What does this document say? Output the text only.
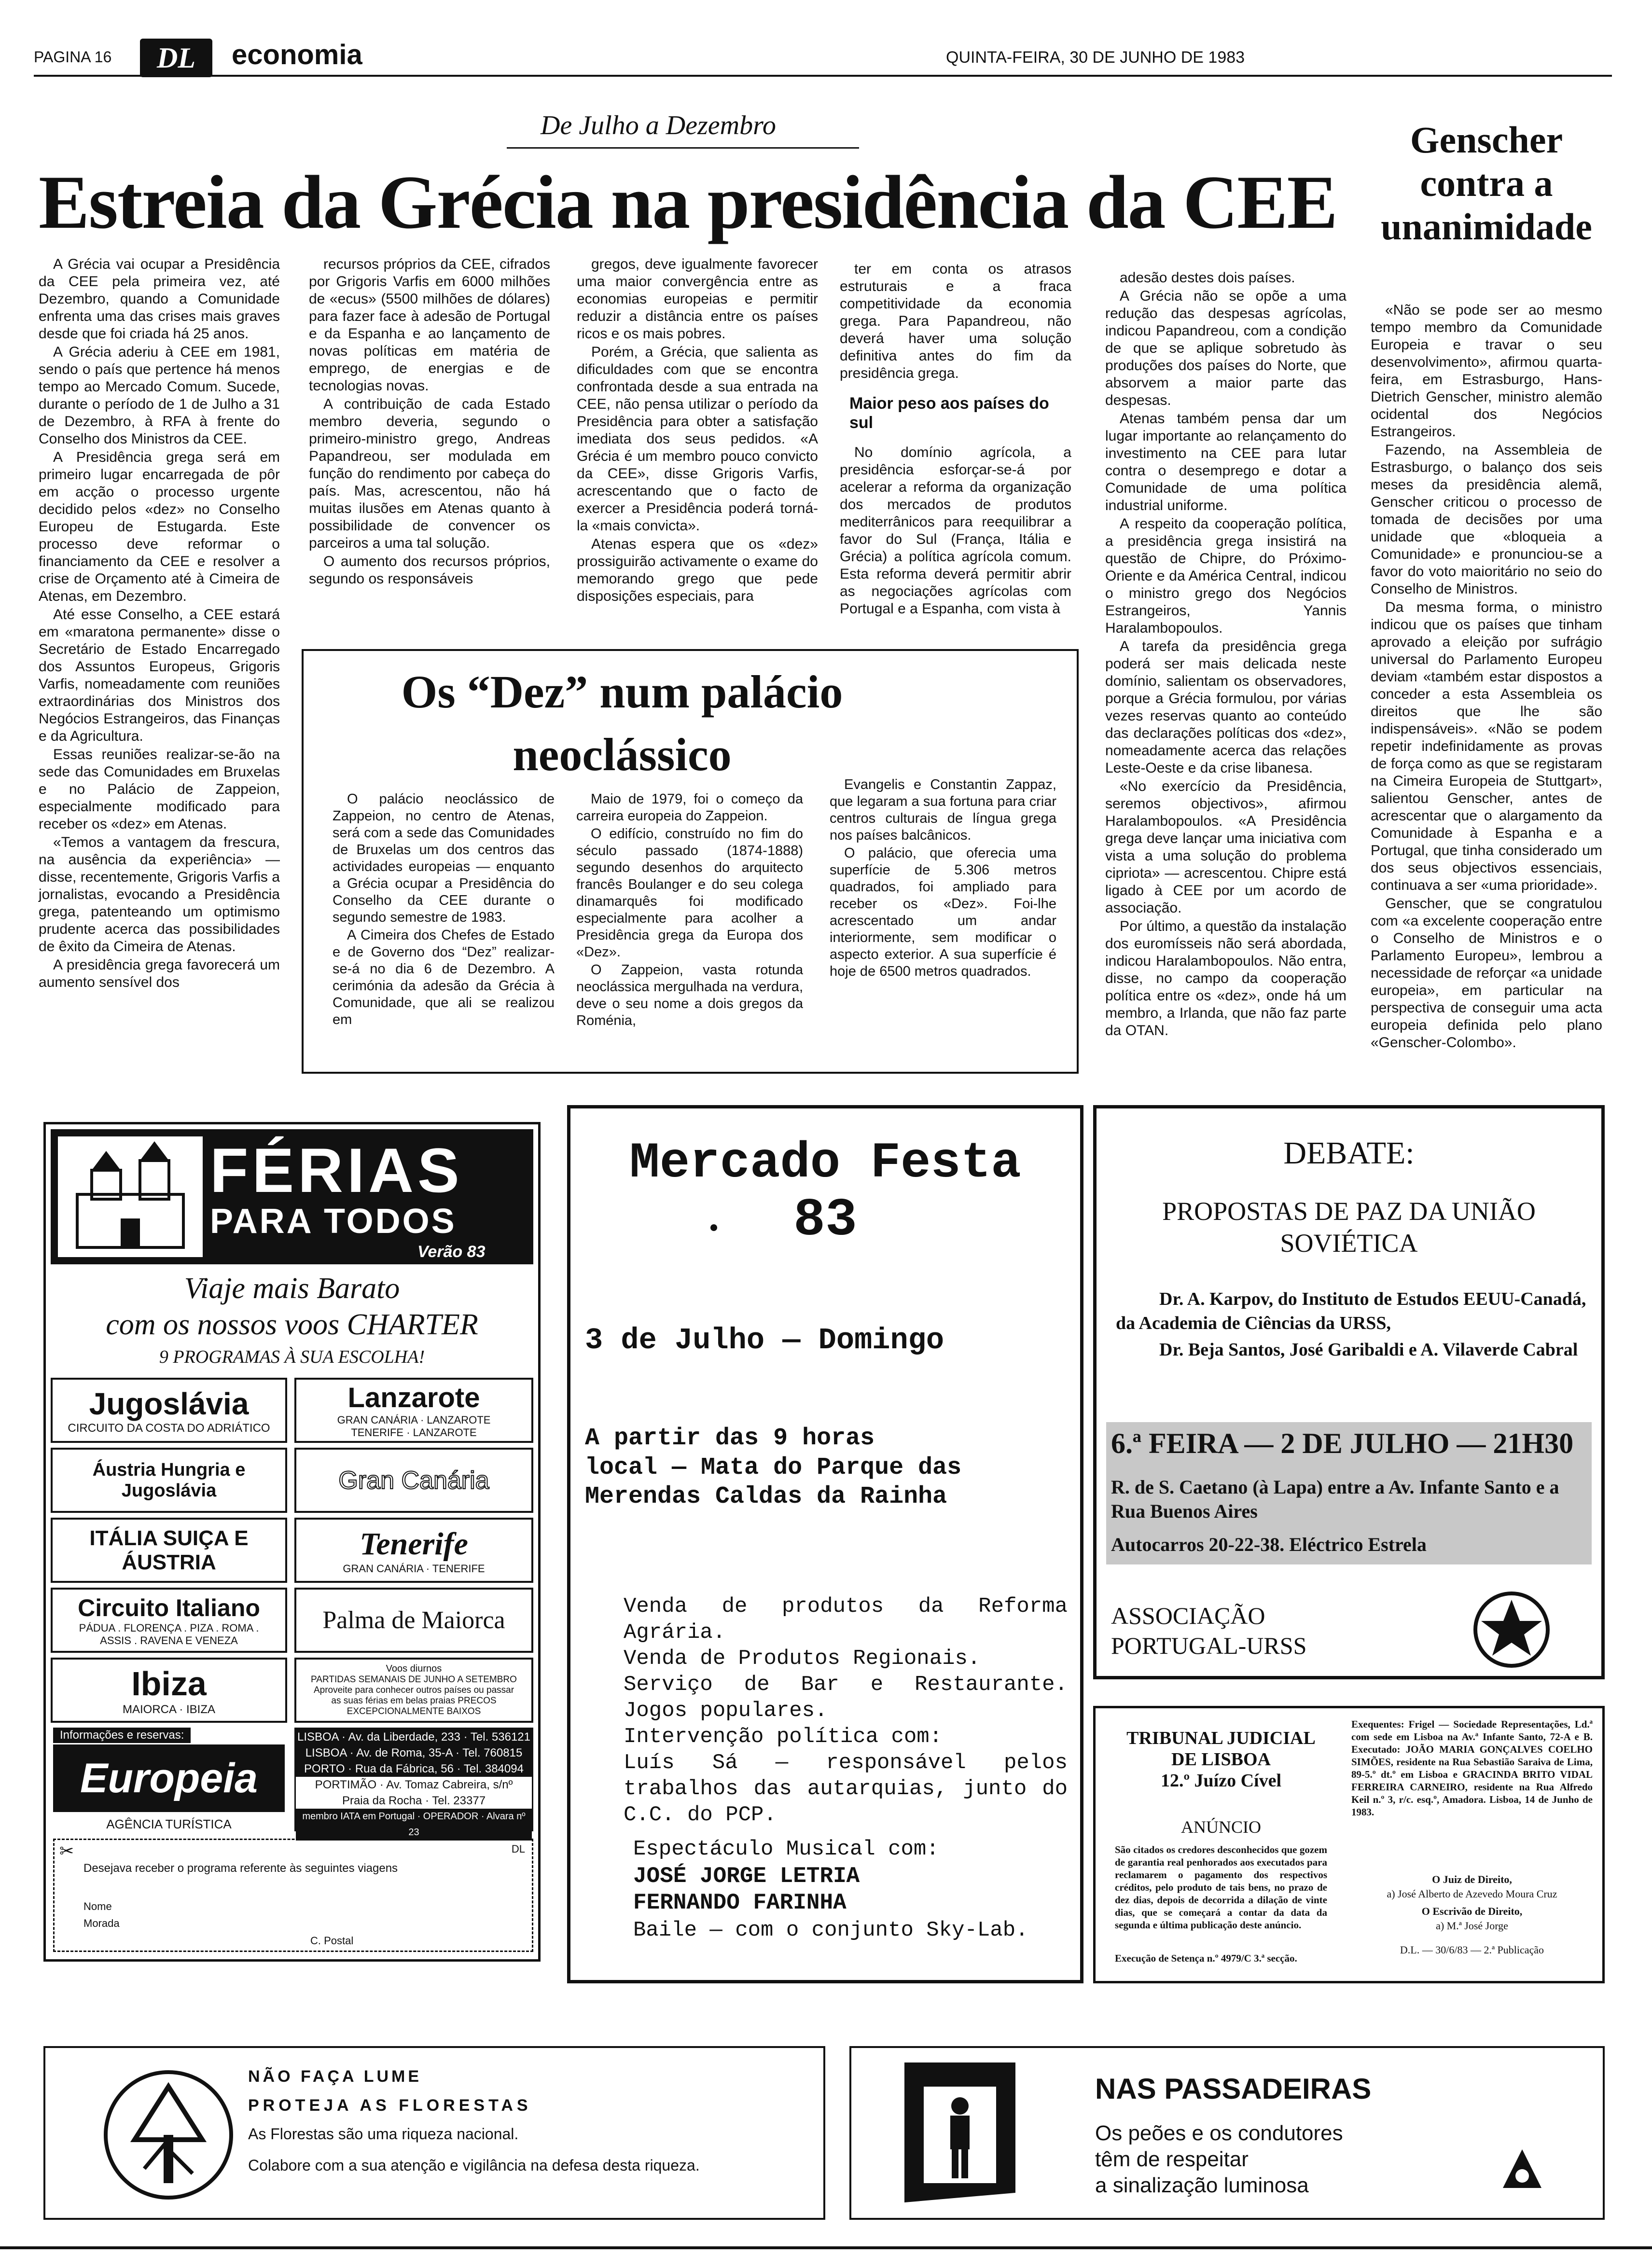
PAGINA 16	DL	economia	QUINTA-FEIRA, 30 DE JUNHO DE 1983
De Julho a Dezembro
Estreia da Grécia na presidência da CEE

A Grécia vai ocupar a Presidência da CEE pela primeira vez, até Dezembro, quando a Comunidade enfrenta uma das crises mais graves desde que foi criada há 25 anos.

A Grécia aderiu à CEE em 1981, sendo o país que pertence há menos tempo ao Mercado Comum. Sucede, durante o período de 1 de Julho a 31 de Dezembro, à RFA à frente do Conselho dos Ministros da CEE.

A Presidência grega será em primeiro lugar encarregada de pôr em acção o processo urgente decidido pelos «dez» no Conselho Europeu de Estugarda. Este processo deve reformar o financiamento da CEE e resolver a crise de Orçamento até à Cimeira de Atenas, em Dezembro.

Até esse Conselho, a CEE estará em «maratona permanente» disse o Secretário de Estado Encarregado dos Assuntos Europeus, Grigoris Varfis, nomeadamente com reuniões extraordinárias dos Ministros dos Negócios Estrangeiros, das Finanças e da Agricultura.

Essas reuniões realizar-se-ão na sede das Comunidades em Bruxelas e no Palácio de Zappeion, especialmente modificado para receber os «dez» em Atenas.

«Temos a vantagem da frescura, na ausência da experiência» — disse, recentemente, Grigoris Varfis a jornalistas, evocando a Presidência grega, patenteando um optimismo prudente acerca das possibilidades de êxito da Cimeira de Atenas.

A presidência grega favorecerá um aumento sensível dos

recursos próprios da CEE, cifrados por Grigoris Varfis em 6000 milhões de «ecus» (5500 milhões de dólares) para fazer face à adesão de Portugal e da Espanha e ao lançamento de novas políticas em matéria de emprego, de energias e de tecnologias novas.

A contribuição de cada Estado membro deveria, segundo o primeiro-ministro grego, Andreas Papandreou, ser modulada em função do rendimento por cabeça do país. Mas, acrescentou, não há muitas ilusões em Atenas quanto à possibilidade de convencer os parceiros a uma tal solução.

O aumento dos recursos próprios, segundo os responsáveis

gregos, deve igualmente favorecer uma maior convergência entre as economias europeias e permitir reduzir a distância entre os países ricos e os mais pobres.

Porém, a Grécia, que salienta as dificuldades com que se encontra confrontada desde a sua entrada na CEE, não pensa utilizar o período da Presidência para obter a satisfação imediata dos seus pedidos. «A Grécia é um membro pouco convicto da CEE», disse Grigoris Varfis, acrescentando que o facto de exercer a Presidência poderá torná-la «mais convicta».

Atenas espera que os «dez» prossiguirão activamente o exame do memorando grego que pede disposições especiais, para

ter em conta os atrasos estruturais e a fraca competitividade da economia grega. Para Papandreou, não deverá haver uma solução definitiva antes do fim da presidência grega.

Maior peso aos países do sul

No domínio agrícola, a presidência esforçar-se-á por acelerar a reforma da organização dos mercados de produtos mediterrânicos para reequilibrar a favor do Sul (França, Itália e Grécia) a política agrícola comum. Esta reforma deverá permitir abrir as negociações agrícolas com Portugal e a Espanha, com vista à

adesão destes dois países.

A Grécia não se opõe a uma redução das despesas agrícolas, indicou Papandreou, com a condição de que se aplique sobretudo às produções dos países do Norte, que absorvem a maior parte das despesas.

Atenas também pensa dar um lugar importante ao relançamento do investimento na CEE para lutar contra o desemprego e dotar a Comunidade de uma política industrial uniforme.

A respeito da cooperação política, a presidência grega insistirá na questão de Chipre, do Próximo-Oriente e da América Central, indicou o ministro grego dos Negócios Estrangeiros, Yannis Haralambopoulos.

A tarefa da presidência grega poderá ser mais delicada neste domínio, salientam os observadores, porque a Grécia formulou, por várias vezes reservas quanto ao conteúdo das declarações políticas dos «dez», nomeadamente acerca das relações Leste-Oeste e da crise libanesa.

«No exercício da Presidência, seremos objectivos», afirmou Haralambopoulos. «A Presidência grega deve lançar uma iniciativa com vista a uma solução do problema cipriota» — acrescentou. Chipre está ligado à CEE por um acordo de associação.

Por último, a questão da instalação dos euromísseis não será abordada, indicou Haralambopoulos. Não entra, disse, no campo da cooperação política entre os «dez», onde há um membro, a Irlanda, que não faz parte da OTAN.

Os “Dez” num palácio neoclássico

O palácio neoclássico de Zappeion, no centro de Atenas, será com a sede das Comunidades de Bruxelas um dos centros das actividades europeias — enquanto a Grécia ocupar a Presidência do Conselho da CEE durante o segundo semestre de 1983.

A Cimeira dos Chefes de Estado e de Governo dos “Dez” realizar-se-á no dia 6 de Dezembro. A cerimónia da adesão da Grécia à Comunidade, que ali se realizou em

Maio de 1979, foi o começo da carreira europeia do Zappeion.

O edifício, construído no fim do século passado (1874-1888) segundo desenhos do arquitecto francês Boulanger e do seu colega dinamarquês foi modificado especialmente para acolher a Presidência grega da Europa dos «Dez».

O Zappeion, vasta rotunda neoclássica mergulhada na verdura, deve o seu nome a dois gregos da Roménia,

Evangelis e Constantin Zappaz, que legaram a sua fortuna para criar centros culturais de língua grega nos países balcânicos.

O palácio, que oferecia uma superfície de 5.306 metros quadrados, foi ampliado para receber os «Dez». Foi-lhe acrescentado um andar interiormente, sem modificar o aspecto exterior. A sua superfície é hoje de 6500 metros quadrados.

Genscher contra a unanimidade

«Não se pode ser ao mesmo tempo membro da Comunidade Europeia e travar o seu desenvolvimento», afirmou quarta-feira, em Estrasburgo, Hans-Dietrich Genscher, ministro alemão ocidental dos Negócios Estrangeiros.

Fazendo, na Assembleia de Estrasburgo, o balanço dos seis meses da presidência alemã, Genscher criticou o processo de tomada de decisões por uma unidade que «bloqueia a Comunidade» e pronunciou-se a favor do voto maioritário no seio do Conselho de Ministros.

Da mesma forma, o ministro indicou que os países que tinham aprovado a eleição por sufrágio universal do Parlamento Europeu deviam «também estar dispostos a conceder a esta Assembleia os direitos que lhe são indispensáveis». «Não se podem repetir indefinidamente as provas de força como as que se registaram na Cimeira Europeia de Stuttgart», salientou Genscher, antes de acrescentar que o alargamento da Comunidade à Espanha e a Portugal, que tinha considerado um dos seus objectivos essenciais, continuava a ser «uma prioridade».

Genscher, que se congratulou com «a excelente cooperação entre o Conselho de Ministros e o Parlamento Europeu», lembrou a necessidade de reforçar «a unidade europeia», em particular na perspectiva de conseguir uma acta europeia definida pelo plano «Genscher-Colombo».

FÉRIAS
PARA TODOS
Verão 83
Viaje mais Barato
com os nossos voos CHARTER
9 PROGRAMAS À SUA ESCOLHA!
Jugoslávia
CIRCUITO DA COSTA DO ADRIÁTICO
Áustria Hungria e Jugoslávia
ITÁLIA SUIÇA E ÁUSTRIA
Circuito Italiano
PÁDUA . FLORENÇA . PIZA . ROMA . ASSIS . RAVENA E VENEZA
Ibiza
MAIORCA · IBIZA
Lanzarote
GRAN CANÁRIA · LANZAROTE TENERIFE · LANZAROTE
Gran Canária
Tenerife
GRAN CANÁRIA · TENERIFE
Palma de Maiorca
Voos diurnos
PARTIDAS SEMANAIS DE JUNHO A SETEMBRO Aproveite para conhecer outros países ou passar as suas férias em belas praias PRECOS EXCEPCIONALMENTE BAIXOS
Informações e reservas:
Europeia
AGÊNCIA TURÍSTICA
LISBOA · Av. da Liberdade, 233 · Tel. 536121
LISBOA · Av. de Roma, 35-A · Tel. 760815
PORTO · Rua da Fábrica, 56 · Tel. 384094
PORTIMÃO · Av. Tomaz Cabreira, s/nº
Praia da Rocha · Tel. 23377
membro IATA em Portugal · OPERADOR · Alvara nº 23
✂	DL
Desejava receber o programa referente às seguintes viagens
Nome
Morada
C. Postal
Mercado Festa
83
3 de Julho — Domingo
A partir das 9 horas
local — Mata do Parque das Merendas Caldas da Rainha
Venda de produtos da Reforma Agrária.
Venda de Produtos Regionais.
Serviço de Bar e Restaurante. Jogos populares.
Intervenção política com:
Luís Sá — responsável pelos trabalhos das autarquias, junto do C.C. do PCP.
Espectáculo Musical com:
JOSÉ JORGE LETRIA
FERNANDO FARINHA
Baile — com o conjunto Sky-Lab.
DEBATE:
PROPOSTAS DE PAZ DA UNIÃO SOVIÉTICA
Dr. A. Karpov, do Instituto de Estudos EEUU-Canadá, da Academia de Ciências da URSS,
Dr. Beja Santos, José Garibaldi e A. Vilaverde Cabral
6.ª FEIRA — 2 DE JULHO — 21H30
R. de S. Caetano (à Lapa) entre a Av. Infante Santo e a Rua Buenos Aires
Autocarros 20-22-38. Eléctrico Estrela
ASSOCIAÇÃO PORTUGAL-URSS
TRIBUNAL JUDICIAL
DE LISBOA
12.º Juízo Cível
ANÚNCIO
São citados os credores desconhecidos que gozem de garantia real penhorados aos executados para reclamarem o pagamento dos respectivos créditos, pelo produto de tais bens, no prazo de dez dias, depois de decorrida a dilação de vinte dias, que se começará a contar da data da segunda e última publicação deste anúncio.
Execução de Setença n.º 4979/C 3.ª secção.
Exequentes: Frigel — Sociedade Representações, Ld.ª com sede em Lisboa na Av.ª Infante Santo, 72-A e B. Executado: JOÃO MARIA GONÇALVES COELHO SIMÕES, residente na Rua Sebastião Saraiva de Lima, 89-5.º dt.º em Lisboa e GRACINDA BRITO VIDAL FERREIRA CARNEIRO, residente na Rua Alfredo Keil n.º 3, r/c. esq.º, Amadora. Lisboa, 14 de Junho de 1983.
O Juiz de Direito,
a) José Alberto de Azevedo Moura Cruz
O Escrivão de Direito,
a) M.ª José Jorge
D.L. — 30/6/83 — 2.ª Publicação
NÃO FAÇA LUME
PROTEJA AS FLORESTAS
As Florestas são uma riqueza nacional.
Colabore com a sua atenção e vigilância na defesa desta riqueza.
NAS PASSADEIRAS
Os peões e os condutores
têm de respeitar
a sinalização luminosa
